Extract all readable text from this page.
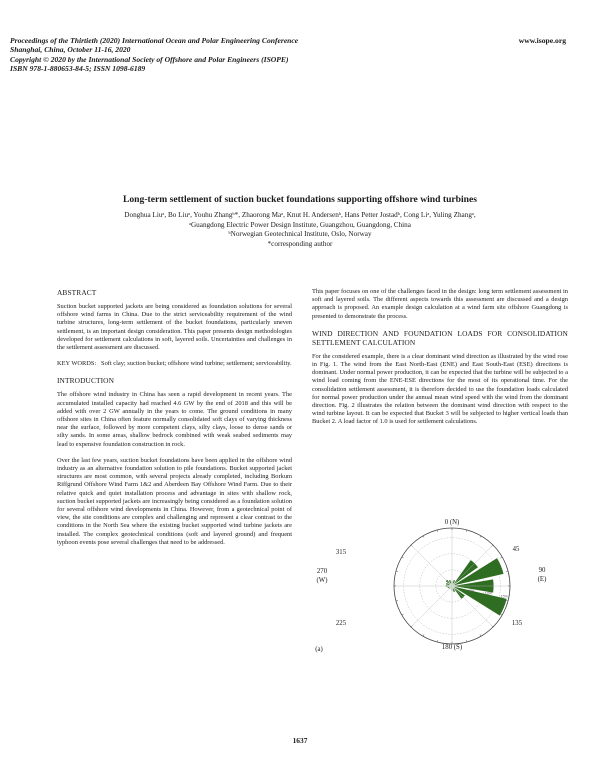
Proceedings of the Thirtieth (2020) International Ocean and Polar Engineering Conference
Shanghai, China, October 11-16, 2020
Copyright © 2020 by the International Society of Offshore and Polar Engineers (ISOPE)
ISBN 978-1-880653-84-5; ISSN 1098-6189
www.isope.org
Long-term settlement of suction bucket foundations supporting offshore wind turbines
Donghua Liuᵃ, Bo Liuᵃ, Youhu Zhangᵇ*, Zhaorong Maᵃ, Knut H. Andersenᵇ, Hans Petter Jostadᵇ, Cong Liᵃ, Yuling Zhangᵃ,
ᵃGuangdong Electric Power Design Institute, Guangzhou, Guangdong, China
ᵇNorwegian Geotechnical Institute, Oslo, Norway
*corresponding author
ABSTRACT
Suction bucket supported jackets are being considered as foundation solutions for several offshore wind farms in China. Due to the strict serviceability requirement of the wind turbine structures, long-term settlement of the bucket foundations, particularly uneven settlement, is an important design consideration. This paper presents design methodologies developed for settlement calculations in soft, layered soils. Uncertainties and challenges in the settlement assessment are discussed.
KEY WORDS: Soft clay; suction bucket; offshore wind turbine; settlement; serviceability.
INTRODUCTION
The offshore wind industry in China has seen a rapid development in recent years. The accumulated installed capacity had reached 4.6 GW by the end of 2018 and this will be added with over 2 GW annually in the years to come. The ground conditions in many offshore sites in China often feature normally consolidated soft clays of varying thickness near the surface, followed by more competent clays, silty clays, loose to dense sands or silty sands. In some areas, shallow bedrock combined with weak seabed sediments may lead to expensive foundation construction in rock.
Over the last few years, suction bucket foundations have been applied in the offshore wind industry as an alternative foundation solution to pile foundations. Bucket supported jacket structures are most common, with several projects already completed, including Borkum Riffgrund Offshore Wind Farm 1&2 and Aberdeen Bay Offshore Wind Farm. Due to their relative quick and quiet installation process and advantage in sites with shallow rock, suction bucket supported jackets are increasingly being considered as a foundation solution for several offshore wind developments in China. However, from a geotechnical point of view, the site conditions are complex and challenging and represent a clear contrast to the conditions in the North Sea where the existing bucket supported wind turbine jackets are installed. The complex geotechnical conditions (soft and layered ground) and frequent typhoon events pose several challenges that need to be addressed.
This paper focuses on one of the challenges faced in the design: long term settlement assessment in soft and layered soils. The different aspects towards this assessment are discussed and a design approach is proposed. An example design calculation at a wind farm site offshore Guangdong is presented to demonstrate the process.
WIND DIRECTION AND FOUNDATION LOADS FOR CONSOLIDATION SETTLEMENT CALCULATION
For the considered example, there is a clear dominant wind direction as illustrated by the wind rose in Fig. 1. The wind from the East North-East (ENE) and East South-East (ESE) directions is dominant. Under normal power production, it can be expected that the turbine will be subjected to a wind load coming from the ENE-ESE directions for the most of its operational time. For the consolidation settlement assessment, it is therefore decided to use the foundation loads calculated for normal power production under the annual mean wind speed with the wind from the dominant direction. Fig. 2 illustrates the relation between the dominant wind direction with respect to the wind turbine layout. It can be expected that Bucket 3 will be subjected to higher vertical loads than Bucket 2. A load factor of 1.0 is used for settlement calculations.
5%
10%
15%
0 (N)
45
90
(E)
135
180 (S)
225
270
(W)
315
(a)
1637
